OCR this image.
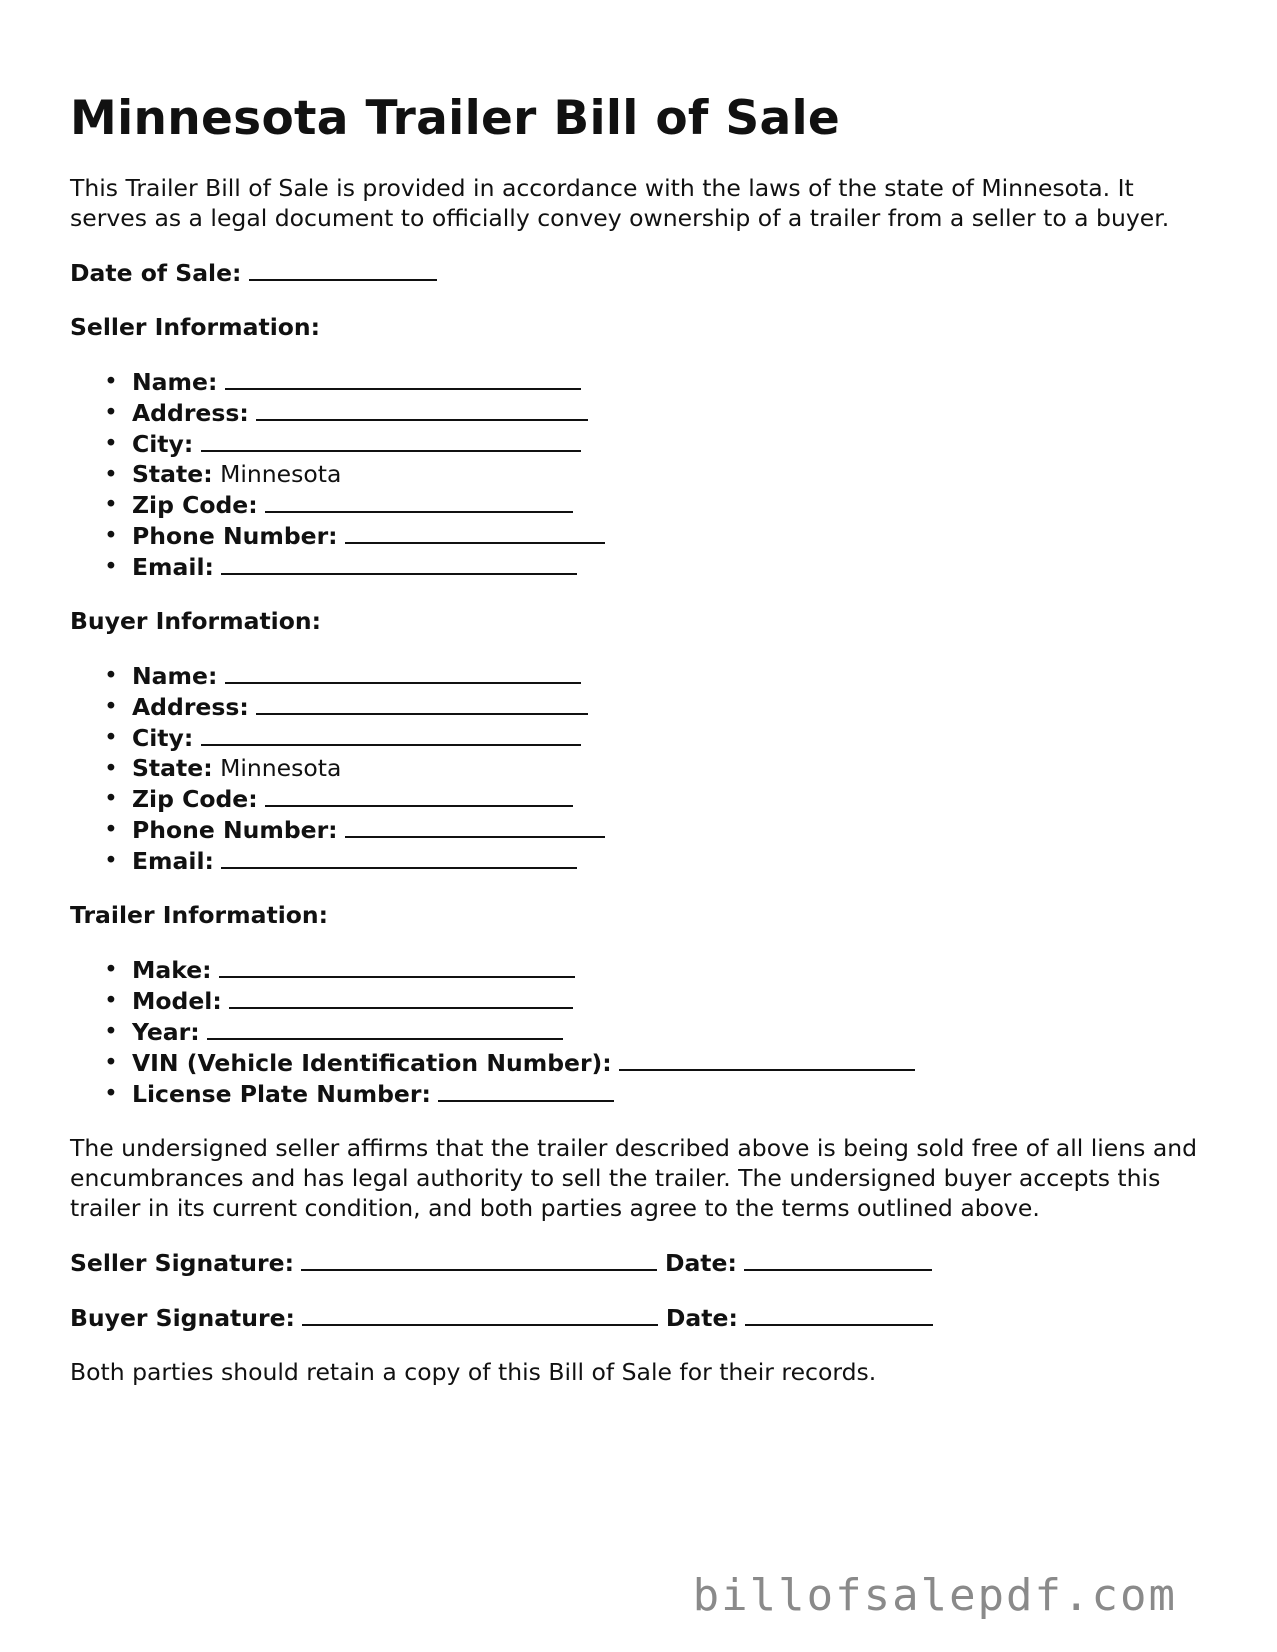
Minnesota Trailer Bill of Sale

This Trailer Bill of Sale is provided in accordance with the laws of the state of Minnesota. It serves as a legal document to officially convey ownership of a trailer from a seller to a buyer.

Date of Sale:
Seller Information:
• Name:
• Address:
• City:
• State: Minnesota
• Zip Code:
• Phone Number:
• Email:
Buyer Information:
• Name:
• Address:
• City:
• State: Minnesota
• Zip Code:
• Phone Number:
• Email:
Trailer Information:
• Make:
• Model:
• Year:
• VIN (Vehicle Identification Number):
• License Plate Number:

The undersigned seller affirms that the trailer described above is being sold free of all liens and encumbrances and has legal authority to sell the trailer. The undersigned buyer accepts this trailer in its current condition, and both parties agree to the terms outlined above.

Seller Signature:	Date:
Buyer Signature:	Date:

Both parties should retain a copy of this Bill of Sale for their records.

billofsalepdf.com
